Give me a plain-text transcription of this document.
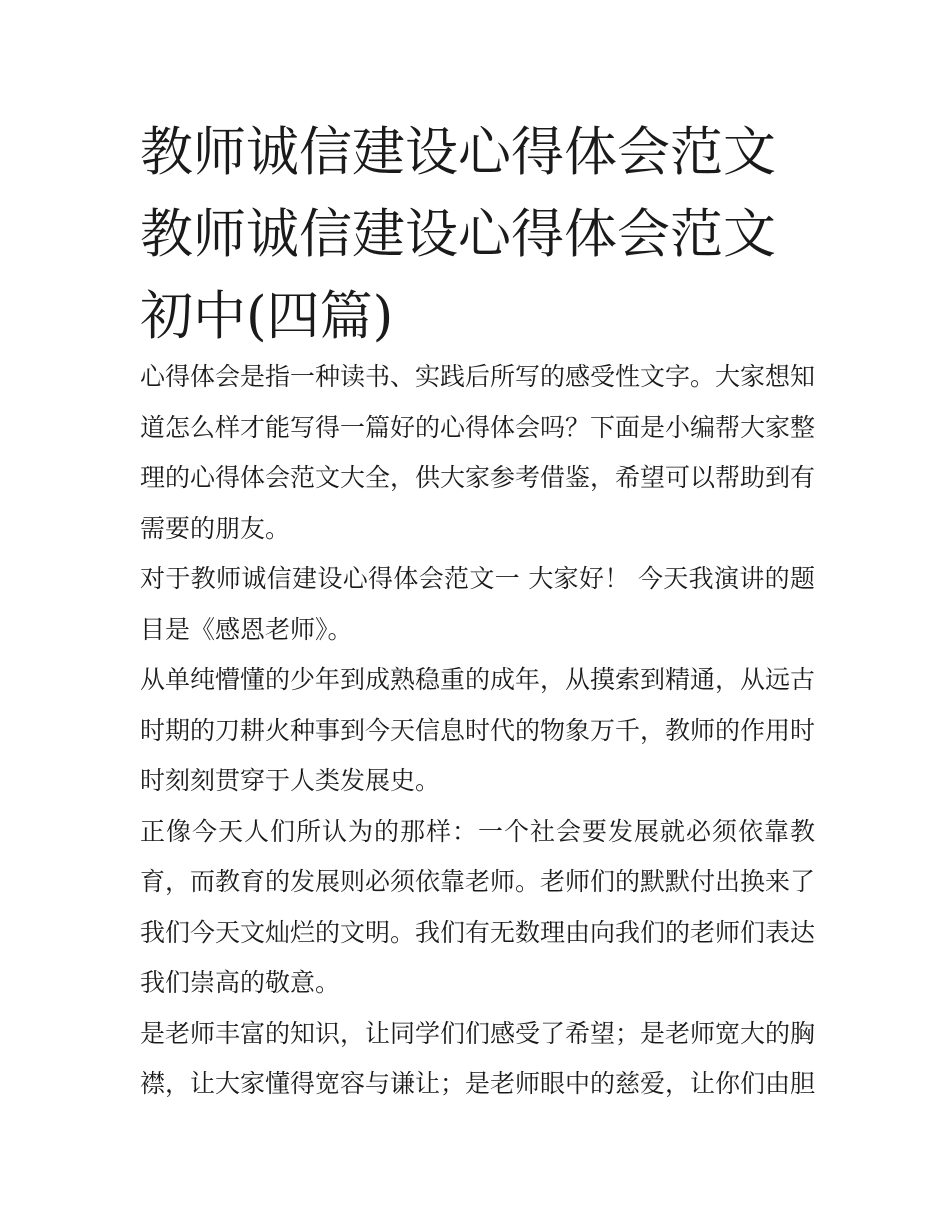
教师诚信建设心得体会范文 教师诚信建设心得体会范文初中(四篇)

心得体会是指一种读书、实践后所写的感受性文字。大家想知道怎么样才能写得一篇好的心得体会吗？下面是小编帮大家整理的心得体会范文大全，供大家参考借鉴，希望可以帮助到有需要的朋友。

对于教师诚信建设心得体会范文一 大家好！ 今天我演讲的题目是《感恩老师》。

从单纯懵懂的少年到成熟稳重的成年，从摸索到精通，从远古时期的刀耕火种事到今天信息时代的物象万千，教师的作用时时刻刻贯穿于人类发展史。

正像今天人们所认为的那样：一个社会要发展就必须依靠教育，而教育的发展则必须依靠老师。老师们的默默付出换来了我们今天文灿烂的文明。我们有无数理由向我们的老师们表达我们崇高的敬意。

是老师丰富的知识，让同学们们感受了希望；是老师宽大的胸襟，让大家懂得宽容与谦让；是老师眼中的慈爱，让你们由胆
